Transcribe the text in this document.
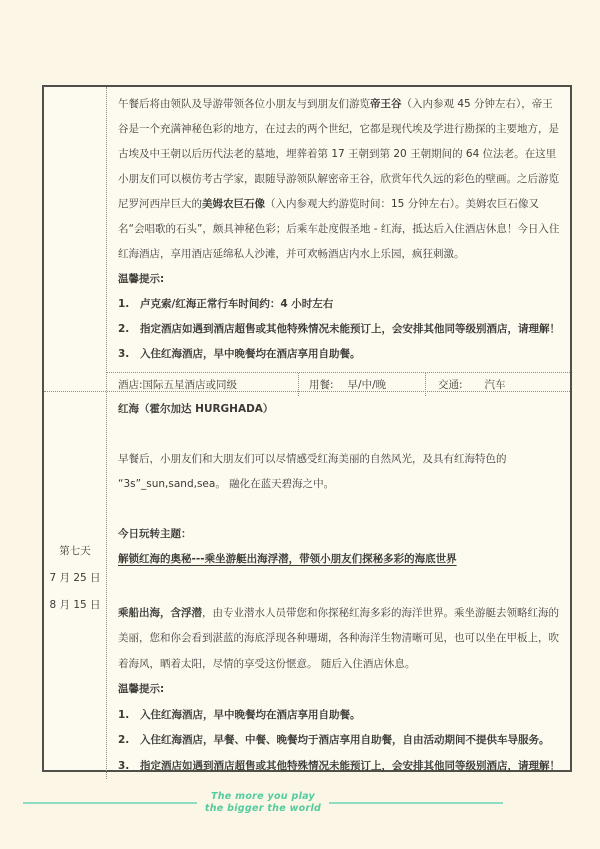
午餐后将由领队及导游带领各位小朋友与到朋友们游览帝王谷（入内参观 45 分钟左右），帝王谷是一个充满神秘色彩的地方，在过去的两个世纪，它都是现代埃及学进行勘探的主要地方，是古埃及中王朝以后历代法老的墓地，埋葬着第 17 王朝到第 20 王朝期间的 64 位法老。在这里小朋友们可以模仿考古学家，跟随导游领队解密帝王谷，欣赏年代久远的彩色的壁画。之后游览尼罗河西岸巨大的美姆农巨石像（入内参观大约游览时间：15 分钟左右）。美姆农巨石像又名“会唱歌的石头”，颇具神秘色彩；后乘车赴度假圣地 - 红海，抵达后入住酒店休息！今日入住红海酒店，享用酒店延绵私人沙滩，并可欢畅酒店内水上乐园，疯狂刺激。

温馨提示:

1.	卢克索/红海正常行车时间约：4 小时左右
2.	指定酒店如遇到酒店超售或其他特殊情况未能预订上，会安排其他同等级别酒店，请理解！
3.	入住红海酒店，早中晚餐均在酒店享用自助餐。
酒店:国际五星酒店或同级	用餐: 早/中/晚	交通: 汽车
第七天
7 月 25 日
8 月 15 日

红海（霍尔加达 HURGHADA）

早餐后，小朋友们和大朋友们可以尽情感受红海美丽的自然风光，及具有红海特色的 “3s”_sun,sand,sea。 融化在蓝天碧海之中。

今日玩转主题：

解锁红海的奥秘---乘坐游艇出海浮潜，带领小朋友们探秘多彩的海底世界

乘船出海，含浮潜，由专业潜水人员带您和你探秘红海多彩的海洋世界。乘坐游艇去领略红海的美丽，您和你会看到湛蓝的海底浮现各种珊瑚，各种海洋生物清晰可见，也可以坐在甲板上，吹着海风，晒着太阳，尽情的享受这份惬意。 随后入住酒店休息。

温馨提示:

1.	入住红海酒店，早中晚餐均在酒店享用自助餐。
2.	入住红海酒店，早餐、中餐、晚餐均于酒店享用自助餐，自由活动期间不提供车导服务。
3.	指定酒店如遇到酒店超售或其他特殊情况未能预订上，会安排其他同等级别酒店，请理解！
The more you play
the bigger the world
